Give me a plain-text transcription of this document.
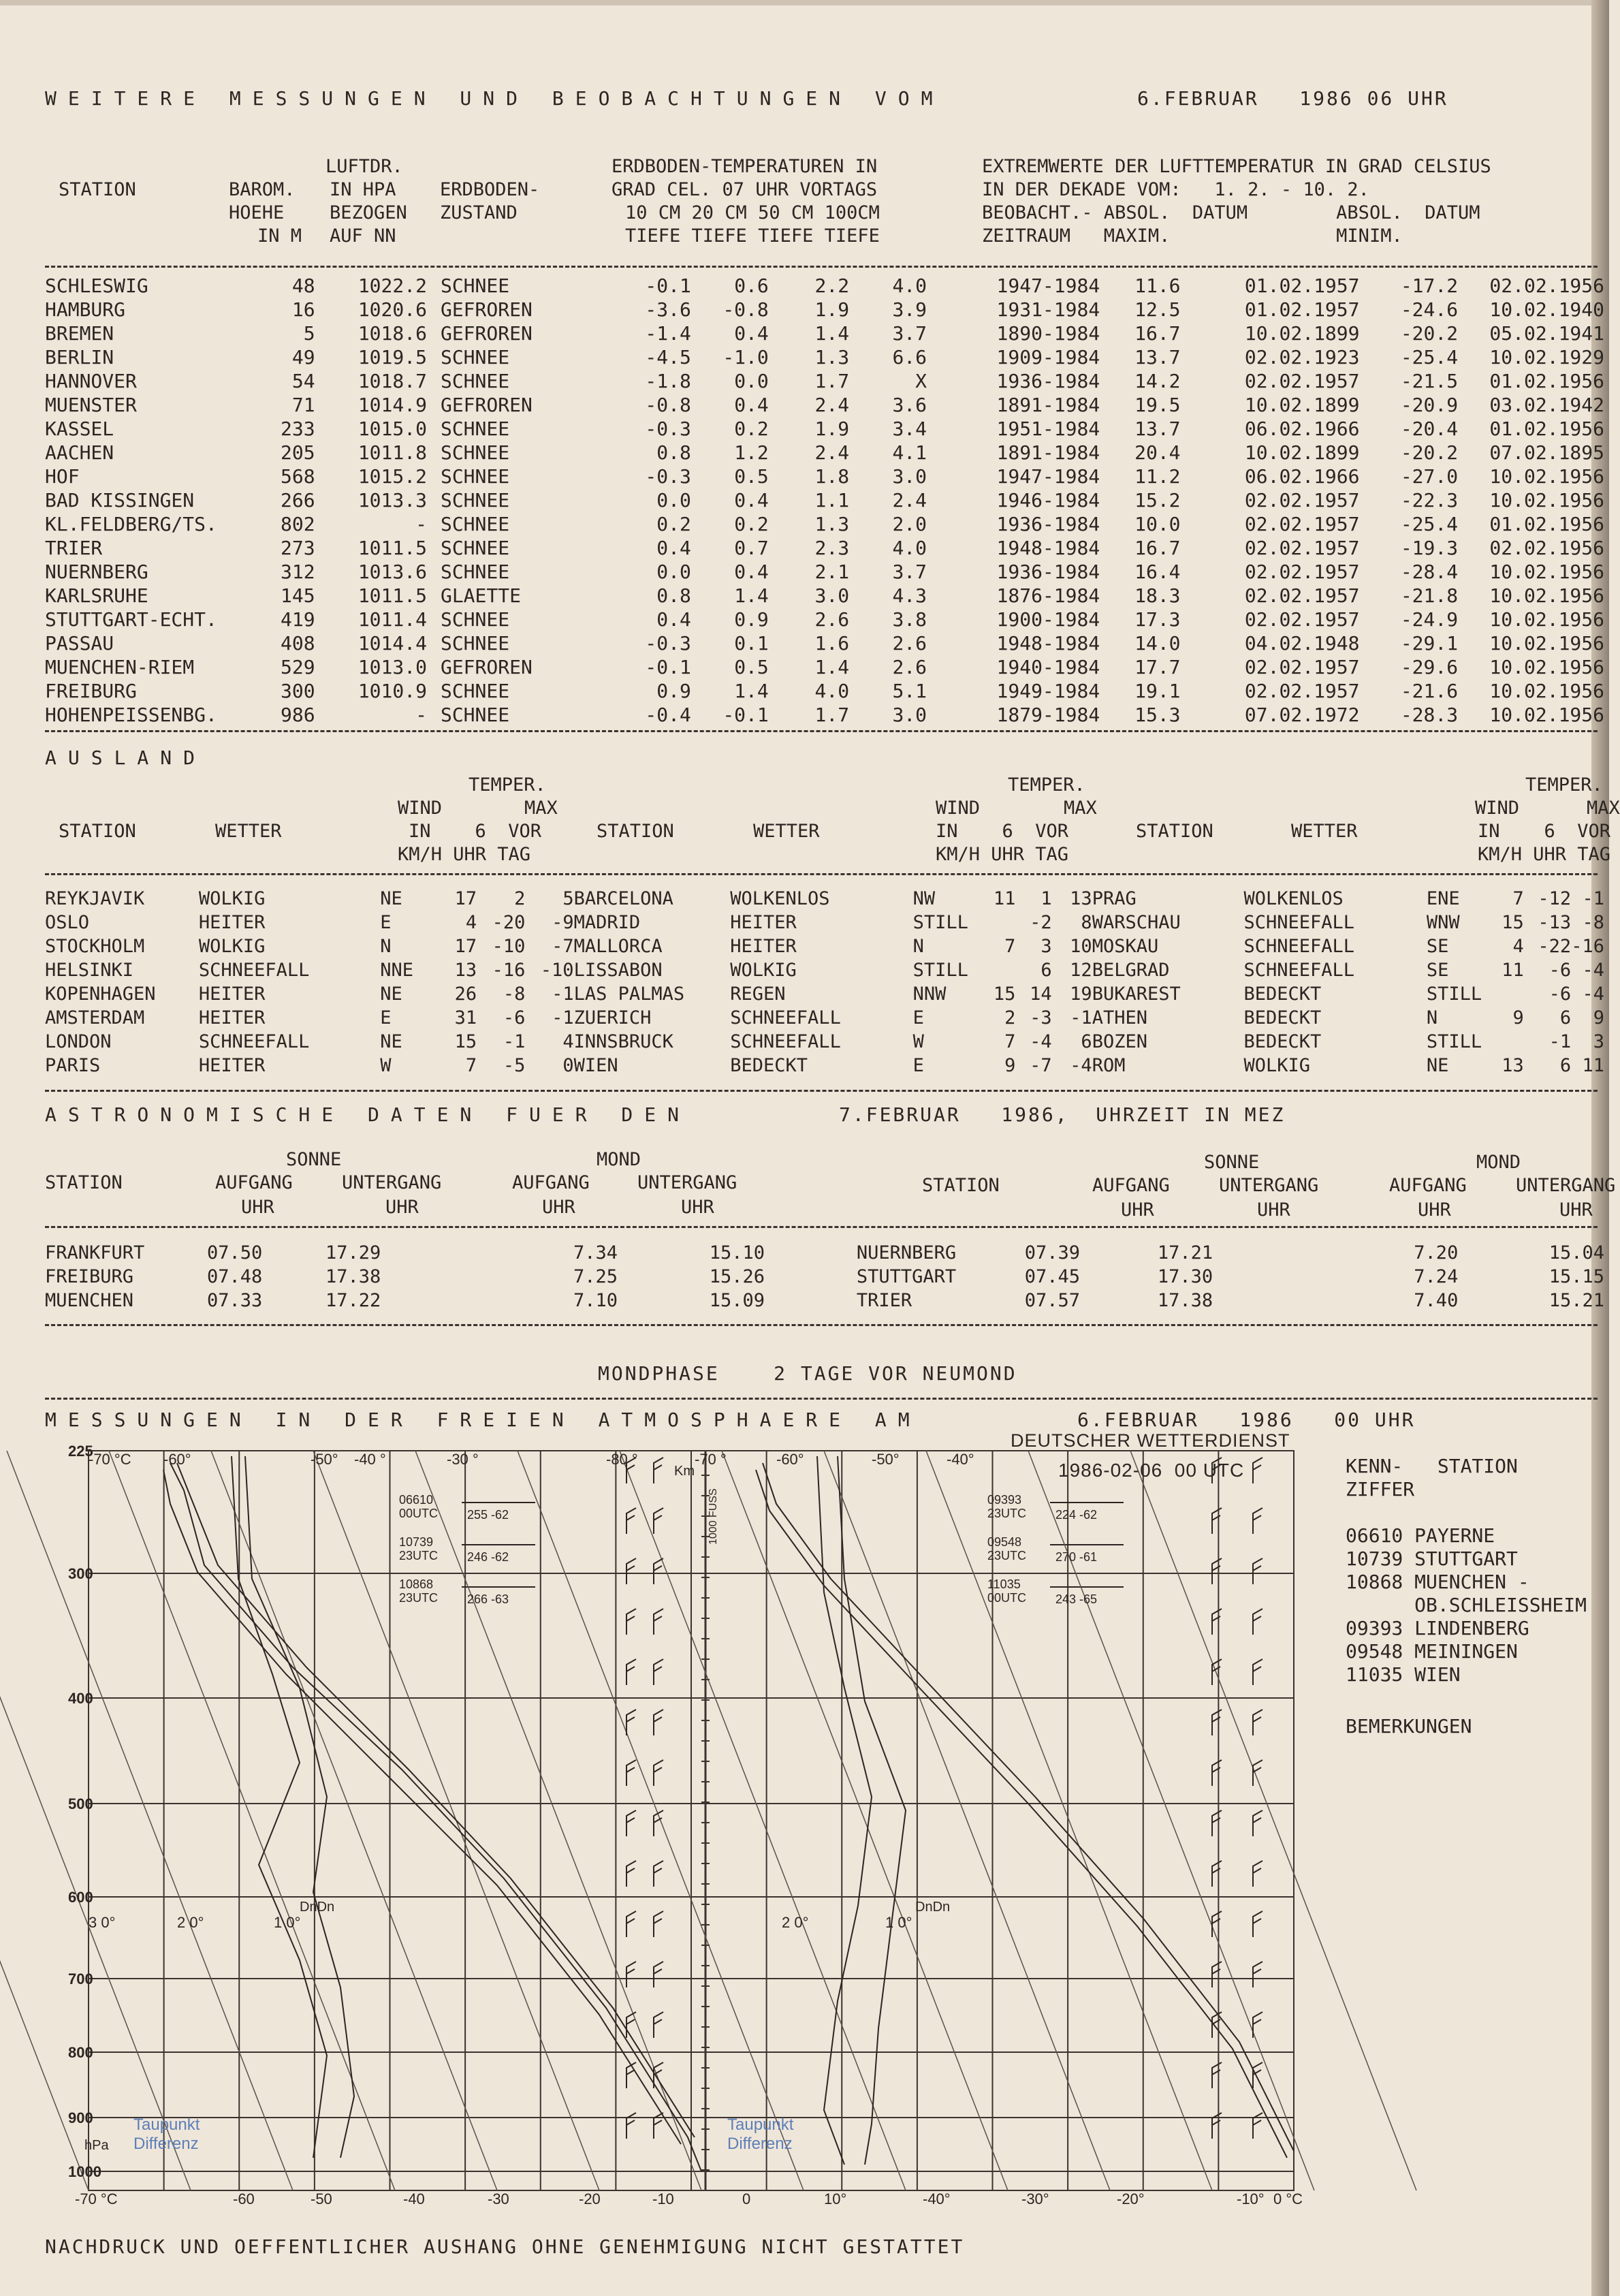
WEITERE MESSUNGEN UND BEOBACHTUNGEN VOM	6.FEBRUAR   1986 06 UHR
STATION	BAROM.
HOEHE
IN M
LUFTDR.
IN HPA
BEZOGEN
AUF NN
ERDBODEN-
ZUSTAND
ERDBODEN-TEMPERATUREN IN
GRAD CEL. 07 UHR VORTAGS
10 CM 20 CM 50 CM 100CM
TIEFE TIEFE TIEFE TIEFE
EXTREMWERTE DER LUFTTEMPERATUR IN GRAD CELSIUS
IN DER DEKADE VOM:   1. 2. - 10. 2.
BEOBACHT.- ABSOL.  DATUM        ABSOL.  DATUM
ZEITRAUM   MAXIM.               MINIM.
SCHLESWIG	48	1022.2	SCHNEE	-0.1	0.6	2.2	4.0	1947-1984	11.6	01.02.1957	-17.2	02.02.1956
HAMBURG	16	1020.6	GEFROREN	-3.6	-0.8	1.9	3.9	1931-1984	12.5	01.02.1957	-24.6	10.02.1940
BREMEN	5	1018.6	GEFROREN	-1.4	0.4	1.4	3.7	1890-1984	16.7	10.02.1899	-20.2	05.02.1941
BERLIN	49	1019.5	SCHNEE	-4.5	-1.0	1.3	6.6	1909-1984	13.7	02.02.1923	-25.4	10.02.1929
HANNOVER	54	1018.7	SCHNEE	-1.8	0.0	1.7	X	1936-1984	14.2	02.02.1957	-21.5	01.02.1956
MUENSTER	71	1014.9	GEFROREN	-0.8	0.4	2.4	3.6	1891-1984	19.5	10.02.1899	-20.9	03.02.1942
KASSEL	233	1015.0	SCHNEE	-0.3	0.2	1.9	3.4	1951-1984	13.7	06.02.1966	-20.4	01.02.1956
AACHEN	205	1011.8	SCHNEE	0.8	1.2	2.4	4.1	1891-1984	20.4	10.02.1899	-20.2	07.02.1895
HOF	568	1015.2	SCHNEE	-0.3	0.5	1.8	3.0	1947-1984	11.2	06.02.1966	-27.0	10.02.1956
BAD KISSINGEN	266	1013.3	SCHNEE	0.0	0.4	1.1	2.4	1946-1984	15.2	02.02.1957	-22.3	10.02.1956
KL.FELDBERG/TS.	802	-	SCHNEE	0.2	0.2	1.3	2.0	1936-1984	10.0	02.02.1957	-25.4	01.02.1956
TRIER	273	1011.5	SCHNEE	0.4	0.7	2.3	4.0	1948-1984	16.7	02.02.1957	-19.3	02.02.1956
NUERNBERG	312	1013.6	SCHNEE	0.0	0.4	2.1	3.7	1936-1984	16.4	02.02.1957	-28.4	10.02.1956
KARLSRUHE	145	1011.5	GLAETTE	0.8	1.4	3.0	4.3	1876-1984	18.3	02.02.1957	-21.8	10.02.1956
STUTTGART-ECHT.	419	1011.4	SCHNEE	0.4	0.9	2.6	3.8	1900-1984	17.3	02.02.1957	-24.9	10.02.1956
PASSAU	408	1014.4	SCHNEE	-0.3	0.1	1.6	2.6	1948-1984	14.0	04.02.1948	-29.1	10.02.1956
MUENCHEN-RIEM	529	1013.0	GEFROREN	-0.1	0.5	1.4	2.6	1940-1984	17.7	02.02.1957	-29.6	10.02.1956
FREIBURG	300	1010.9	SCHNEE	0.9	1.4	4.0	5.1	1949-1984	19.1	02.02.1957	-21.6	10.02.1956
HOHENPEISSENBG.	986	-	SCHNEE	-0.4	-0.1	1.7	3.0	1879-1984	15.3	07.02.1972	-28.3	10.02.1956
AUSLAND
TEMPER.	TEMPER.	TEMPER.
WIND	MAX	WIND	MAX	WIND	MAX
STATION	WETTER	IN    6  VOR	STATION	WETTER	IN    6  VOR	STATION	WETTER	IN    6  VOR
KM/H UHR TAG	KM/H UHR TAG	KM/H UHR TAG
REYKJAVIK	WOLKIG	NE	17	2	5	BARCELONA	WOLKENLOS	NW	11	1	13	PRAG	WOLKENLOS	ENE	7	-12	-1
OSLO	HEITER	E	4	-20	-9	MADRID	HEITER	STILL		-2	8	WARSCHAU	SCHNEEFALL	WNW	15	-13	-8
STOCKHOLM	WOLKIG	N	17	-10	-7	MALLORCA	HEITER	N	7	3	10	MOSKAU	SCHNEEFALL	SE	4	-22	-16
HELSINKI	SCHNEEFALL	NNE	13	-16	-10	LISSABON	WOLKIG	STILL		6	12	BELGRAD	SCHNEEFALL	SE	11	-6	-4
KOPENHAGEN	HEITER	NE	26	-8	-1	LAS PALMAS	REGEN	NNW	15	14	19	BUKAREST	BEDECKT	STILL		-6	-4
AMSTERDAM	HEITER	E	31	-6	-1	ZUERICH	SCHNEEFALL	E	2	-3	-1	ATHEN	BEDECKT	N	9	6	9
LONDON	SCHNEEFALL	NE	15	-1	4	INNSBRUCK	SCHNEEFALL	W	7	-4	6	BOZEN	BEDECKT	STILL		-1	3
PARIS	HEITER	W	7	-5	0	WIEN	BEDECKT	E	9	-7	-4	ROM	WOLKIG	NE	13	6	11
ASTRONOMISCHE DATEN FUER DEN	7.FEBRUAR   1986,  UHRZEIT IN MEZ
SONNE	MOND	SONNE	MOND
STATION	AUFGANG	UNTERGANG	AUFGANG	UNTERGANG	STATION	AUFGANG	UNTERGANG	AUFGANG	UNTERGANG
UHR	UHR	UHR	UHR	UHR	UHR	UHR	UHR
FRANKFURT	07.50	17.29	7.34	15.10	NUERNBERG	07.39	17.21	7.20	15.04
FREIBURG	07.48	17.38	7.25	15.26	STUTTGART	07.45	17.30	7.24	15.15
MUENCHEN	07.33	17.22	7.10	15.09	TRIER	07.57	17.38	7.40	15.21
MONDPHASE    2 TAGE VOR NEUMOND
MESSUNGEN IN DER FREIEN ATMOSPHAERE AM	6.FEBRUAR   1986   00 UHR
DEUTSCHER WETTERDIENST
225
300
400
500
600
700
800
900
1000
-70 °C	-60	-50	-40	-30	-20	-10	0	10°	-40°	-30°	-20°	-10° 0 °C
-70 °C -60°	-50° -40 °	-30 °	-80 °	-70 °	-60°	-50°	-40°
Km
1000 FUSS
hPa
3 0°	2 0°	1 0°	2 0°	1 0°
DnDn	DnDn
06610
00UTC 255 -62
10739
23UTC 246 -62
10868
23UTC 266 -63
09393
23UTC 224 -62
09548
23UTC 270 -61
11035
00UTC 243 -65
Taupunkt
Differenz
Taupunkt
Differenz
1986-02-06  00 UTC	KENN-   STATION
ZIFFER
06610 PAYERNE
10739 STUTTGART
10868 MUENCHEN -
OB.SCHLEISSHEIM
09393 LINDENBERG
09548 MEININGEN
11035 WIEN
BEMERKUNGEN
NACHDRUCK UND OEFFENTLICHER AUSHANG OHNE GENEHMIGUNG NICHT GESTATTET
